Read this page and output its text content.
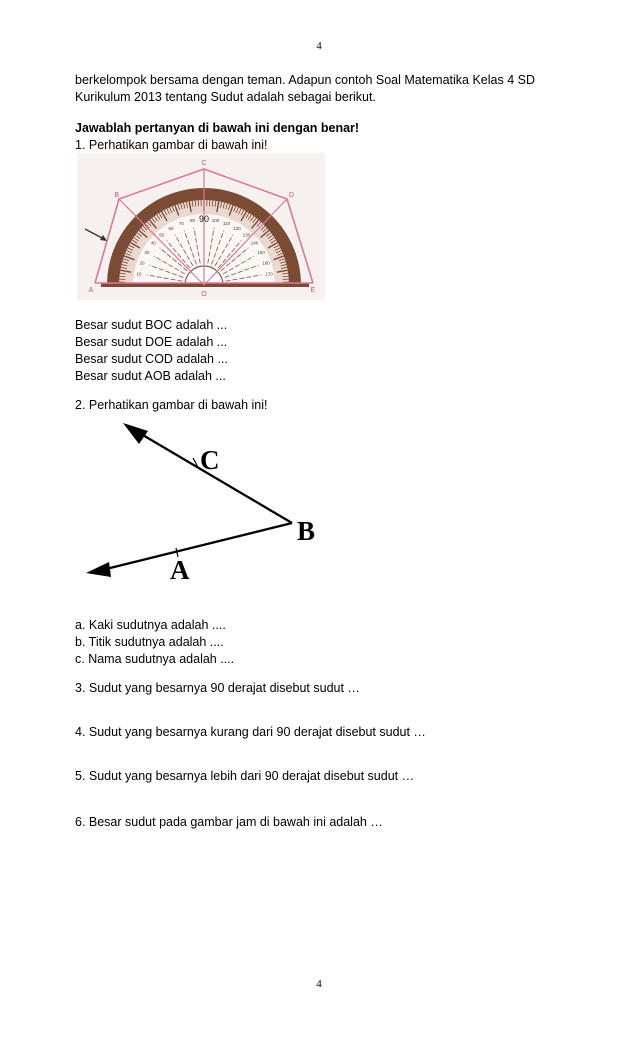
4
berkelompok bersama dengan teman. Adapun contoh Soal Matematika Kelas 4 SD
Kurikulum 2013 tentang Sudut adalah sebagai berikut.
Jawablah pertanyan di bawah ini dengan benar!
1. Perhatikan gambar di bawah ini!
10
20
30
40
50
60
70
80	100
110
120
130
140
150
160
170
C
B	D
A	E
O
90
Besar sudut BOC adalah ...
Besar sudut DOE adalah ...
Besar sudut COD adalah ...
Besar sudut AOB adalah ...
2. Perhatikan gambar di bawah ini!
C
B
A
a. Kaki sudutnya adalah ....
b. Titik sudutnya adalah ....
c. Nama sudutnya adalah ....
3. Sudut yang besarnya 90 derajat disebut sudut …
4. Sudut yang besarnya kurang dari 90 derajat disebut sudut …
5. Sudut yang besarnya lebih dari 90 derajat disebut sudut …
6. Besar sudut pada gambar jam di bawah ini adalah …
4
